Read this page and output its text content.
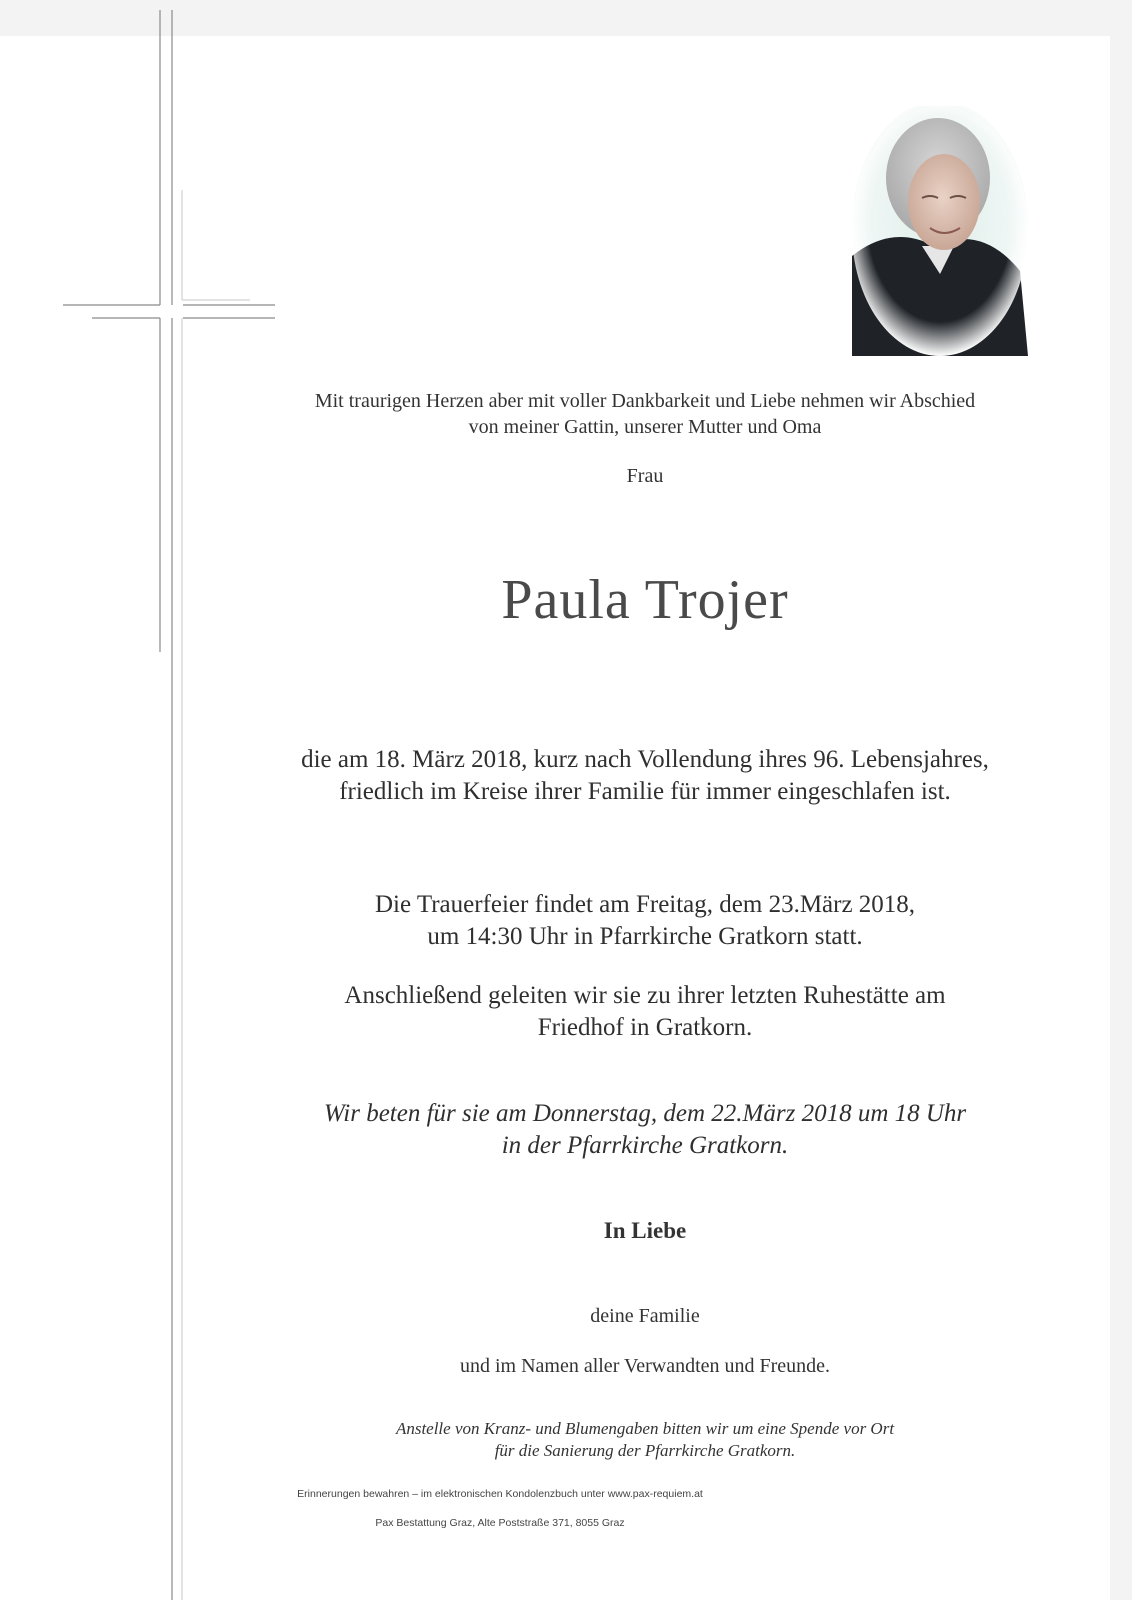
Mit traurigen Herzen aber mit voller Dankbarkeit und Liebe nehmen wir Abschied
von meiner Gattin, unserer Mutter und Oma
Frau
Paula Trojer
die am 18. März 2018, kurz nach Vollendung ihres 96. Lebensjahres,
friedlich im Kreise ihrer Familie für immer eingeschlafen ist.
Die Trauerfeier findet am Freitag, dem 23.März 2018,
um 14:30 Uhr in Pfarrkirche Gratkorn statt.
Anschließend geleiten wir sie zu ihrer letzten Ruhestätte am
Friedhof in Gratkorn.
Wir beten für sie am Donnerstag, dem 22.März 2018 um 18 Uhr
in der Pfarrkirche Gratkorn.
In Liebe
deine Familie
und im Namen aller Verwandten und Freunde.
Anstelle von Kranz- und Blumengaben bitten wir um eine Spende vor Ort
für die Sanierung der Pfarrkirche Gratkorn.
Erinnerungen bewahren – im elektronischen Kondolenzbuch unter www.pax-requiem.at
Pax Bestattung Graz, Alte Poststraße 371, 8055 Graz
